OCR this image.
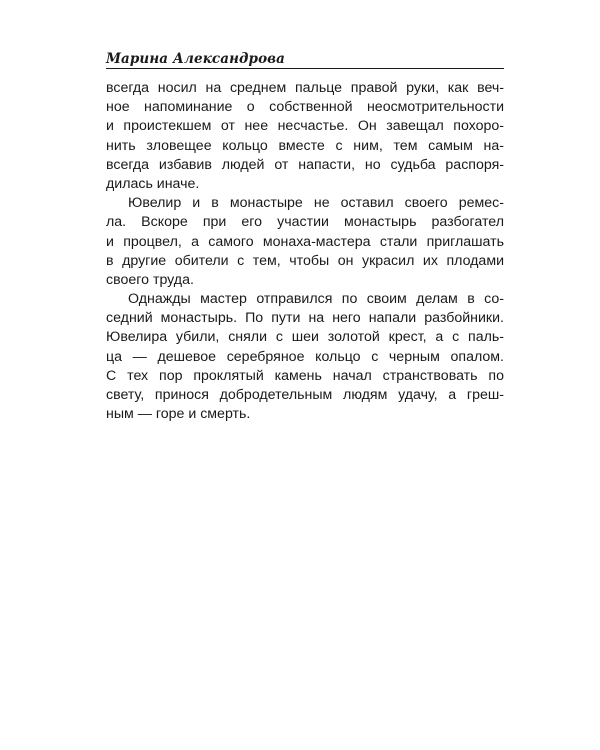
Марина Александрова
всегда носил на среднем пальце правой руки, как веч-
ное напоминание о собственной неосмотрительности
и проистекшем от нее несчастье. Он завещал похоро-
нить зловещее кольцо вместе с ним, тем самым на-
всегда избавив людей от напасти, но судьба распоря-
дилась иначе.
Ювелир и в монастыре не оставил своего ремес-
ла. Вскоре при его участии монастырь разбогател
и процвел, а самого монаха-мастера стали приглашать
в другие обители с тем, чтобы он украсил их плодами
своего труда.
Однажды мастер отправился по своим делам в со-
седний монастырь. По пути на него напали разбойники.
Ювелира убили, сняли с шеи золотой крест, а с паль-
ца — дешевое серебряное кольцо с черным опалом.
С тех пор проклятый камень начал странствовать по
свету, принося добродетельным людям удачу, а греш-
ным — горе и смерть.
